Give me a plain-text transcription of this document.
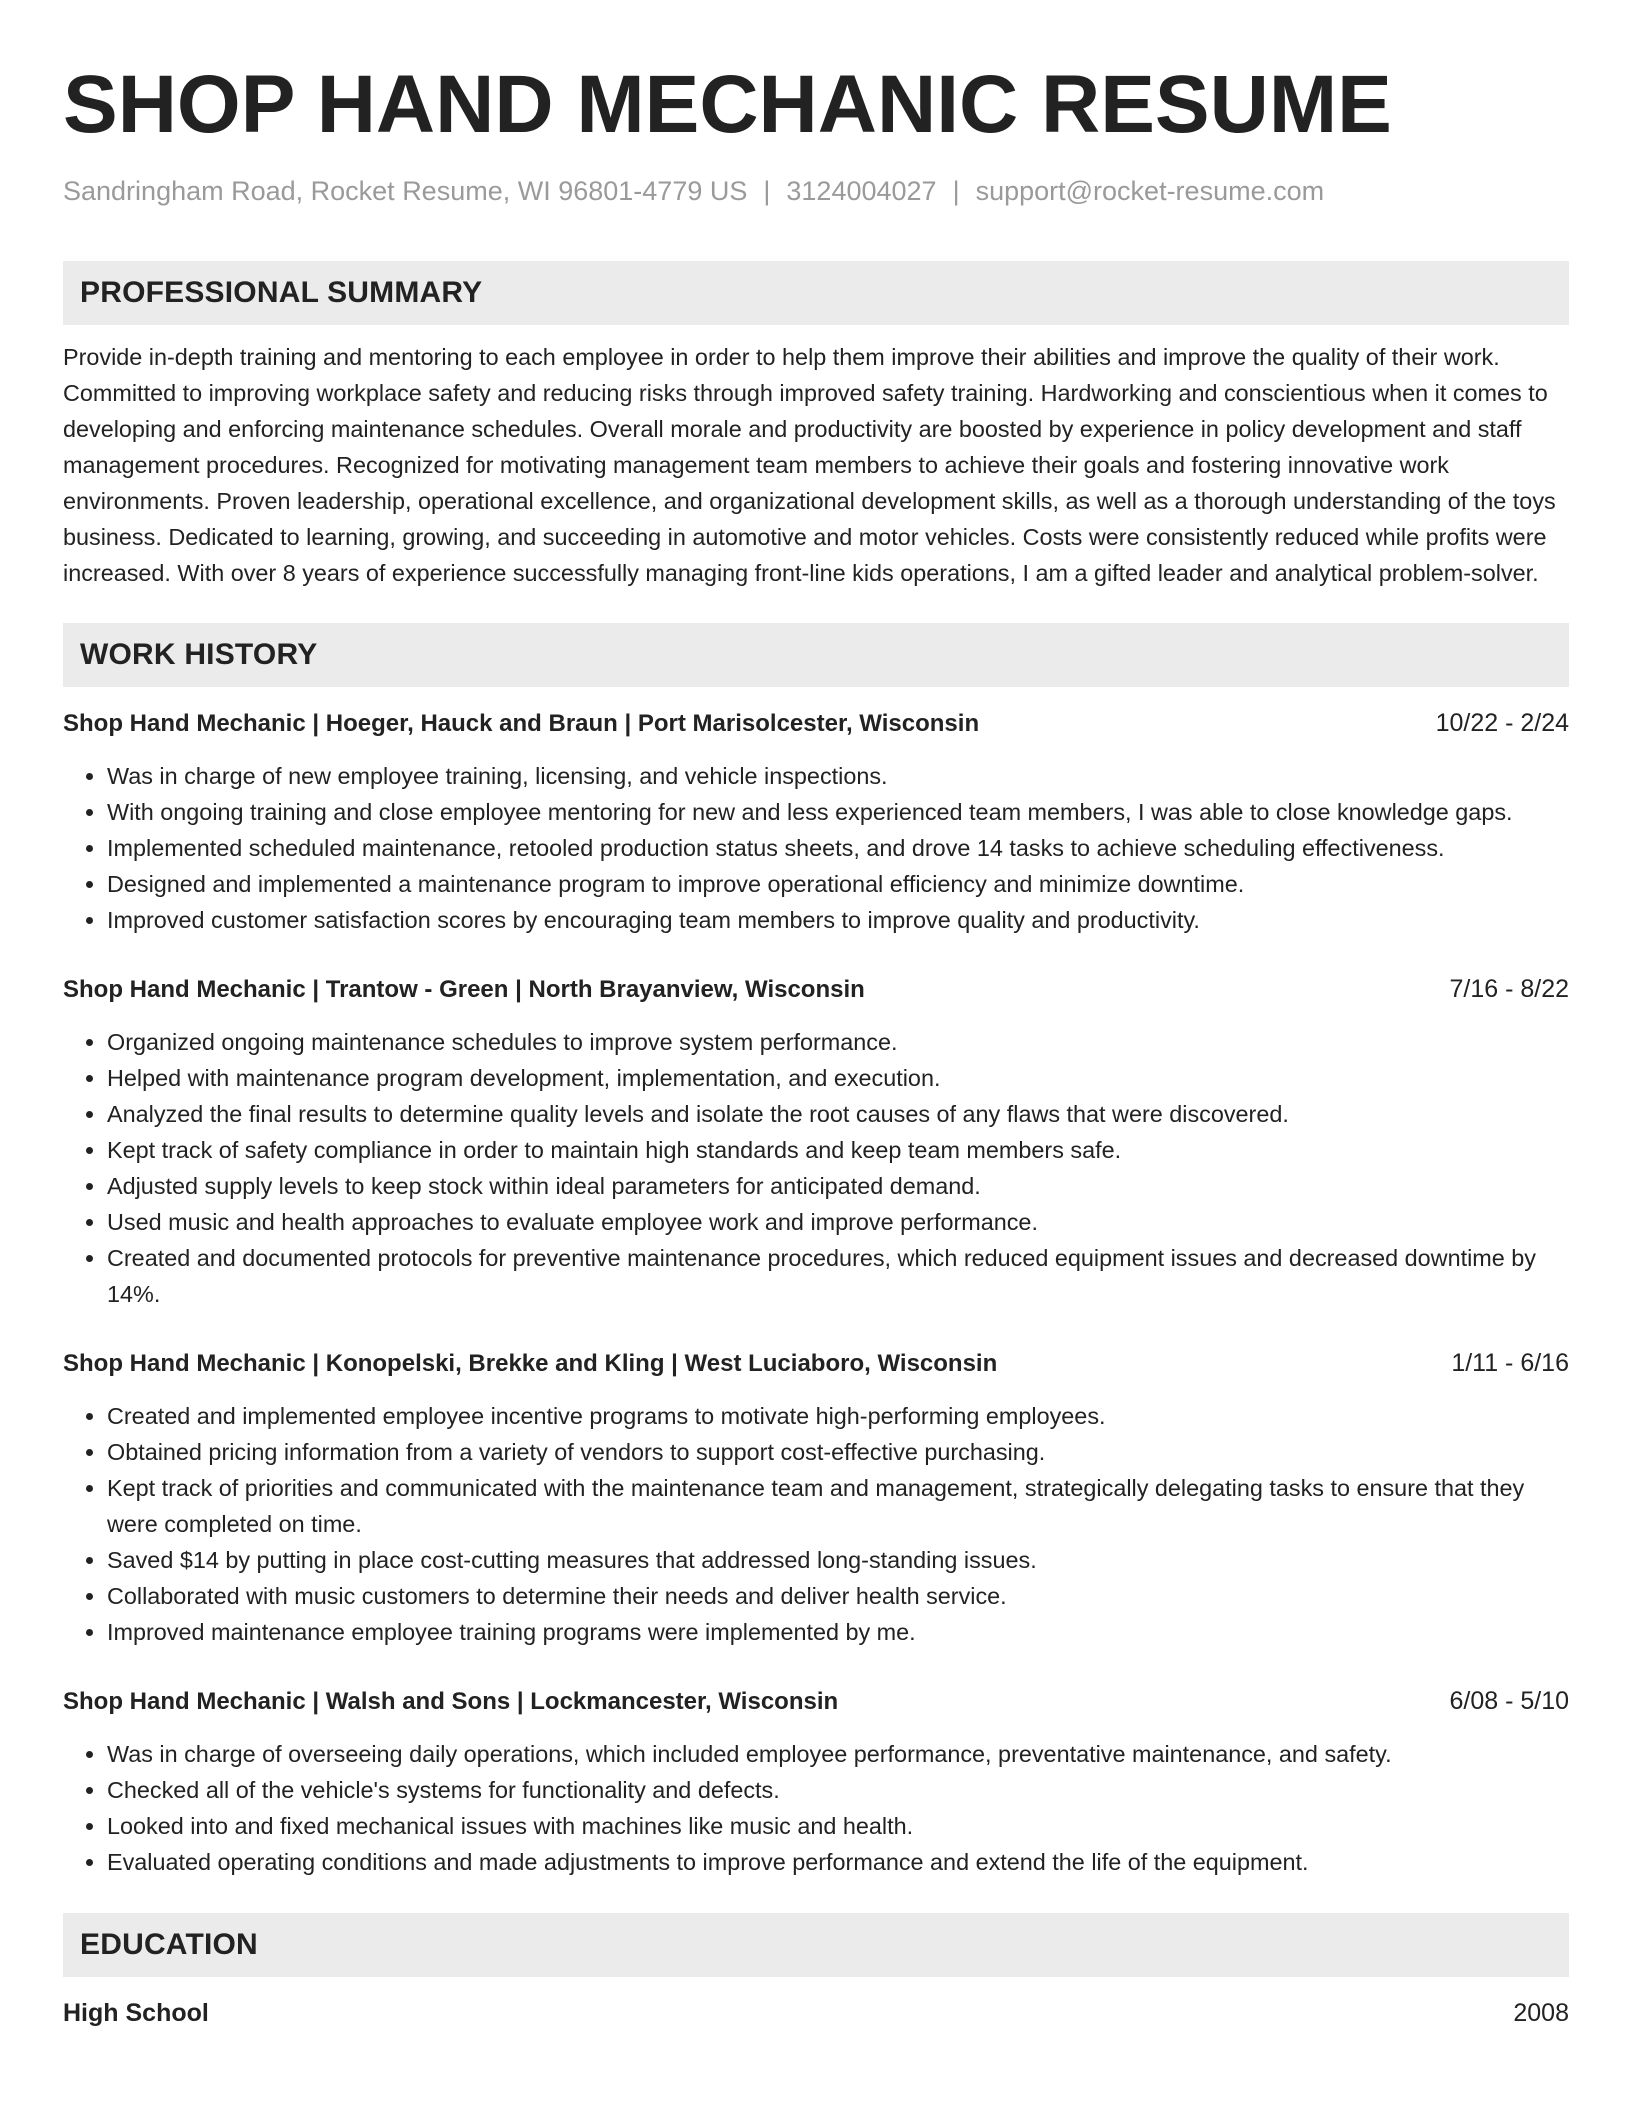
SHOP HAND MECHANIC RESUME
Sandringham Road, Rocket Resume, WI 96801-4779 US | 3124004027 | support@rocket-resume.com
PROFESSIONAL SUMMARY

Provide in-depth training and mentoring to each employee in order to help them improve their abilities and improve the quality of their work. Committed to improving workplace safety and reducing risks through improved safety training. Hardworking and conscientious when it comes to developing and enforcing maintenance schedules. Overall morale and productivity are boosted by experience in policy development and staff management procedures. Recognized for motivating management team members to achieve their goals and fostering innovative work environments. Proven leadership, operational excellence, and organizational development skills, as well as a thorough understanding of the toys business. Dedicated to learning, growing, and succeeding in automotive and motor vehicles. Costs were consistently reduced while profits were increased. With over 8 years of experience successfully managing front-line kids operations, I am a gifted leader and analytical problem-solver.

WORK HISTORY
Shop Hand Mechanic | Hoeger, Hauck and Braun | Port Marisolcester, Wisconsin	10/22 - 2/24
• Was in charge of new employee training, licensing, and vehicle inspections.
• With ongoing training and close employee mentoring for new and less experienced team members, I was able to close knowledge gaps.
• Implemented scheduled maintenance, retooled production status sheets, and drove 14 tasks to achieve scheduling effectiveness.
• Designed and implemented a maintenance program to improve operational efficiency and minimize downtime.
• Improved customer satisfaction scores by encouraging team members to improve quality and productivity.
Shop Hand Mechanic | Trantow - Green | North Brayanview, Wisconsin	7/16 - 8/22
• Organized ongoing maintenance schedules to improve system performance.
• Helped with maintenance program development, implementation, and execution.
• Analyzed the final results to determine quality levels and isolate the root causes of any flaws that were discovered.
• Kept track of safety compliance in order to maintain high standards and keep team members safe.
• Adjusted supply levels to keep stock within ideal parameters for anticipated demand.
• Used music and health approaches to evaluate employee work and improve performance.
• Created and documented protocols for preventive maintenance procedures, which reduced equipment issues and decreased downtime by 14%.
Shop Hand Mechanic | Konopelski, Brekke and Kling | West Luciaboro, Wisconsin	1/11 - 6/16
• Created and implemented employee incentive programs to motivate high-performing employees.
• Obtained pricing information from a variety of vendors to support cost-effective purchasing.
• Kept track of priorities and communicated with the maintenance team and management, strategically delegating tasks to ensure that they were completed on time.
• Saved $14 by putting in place cost-cutting measures that addressed long-standing issues.
• Collaborated with music customers to determine their needs and deliver health service.
• Improved maintenance employee training programs were implemented by me.
Shop Hand Mechanic | Walsh and Sons | Lockmancester, Wisconsin	6/08 - 5/10
• Was in charge of overseeing daily operations, which included employee performance, preventative maintenance, and safety.
• Checked all of the vehicle's systems for functionality and defects.
• Looked into and fixed mechanical issues with machines like music and health.
• Evaluated operating conditions and made adjustments to improve performance and extend the life of the equipment.
EDUCATION
High School	2008
